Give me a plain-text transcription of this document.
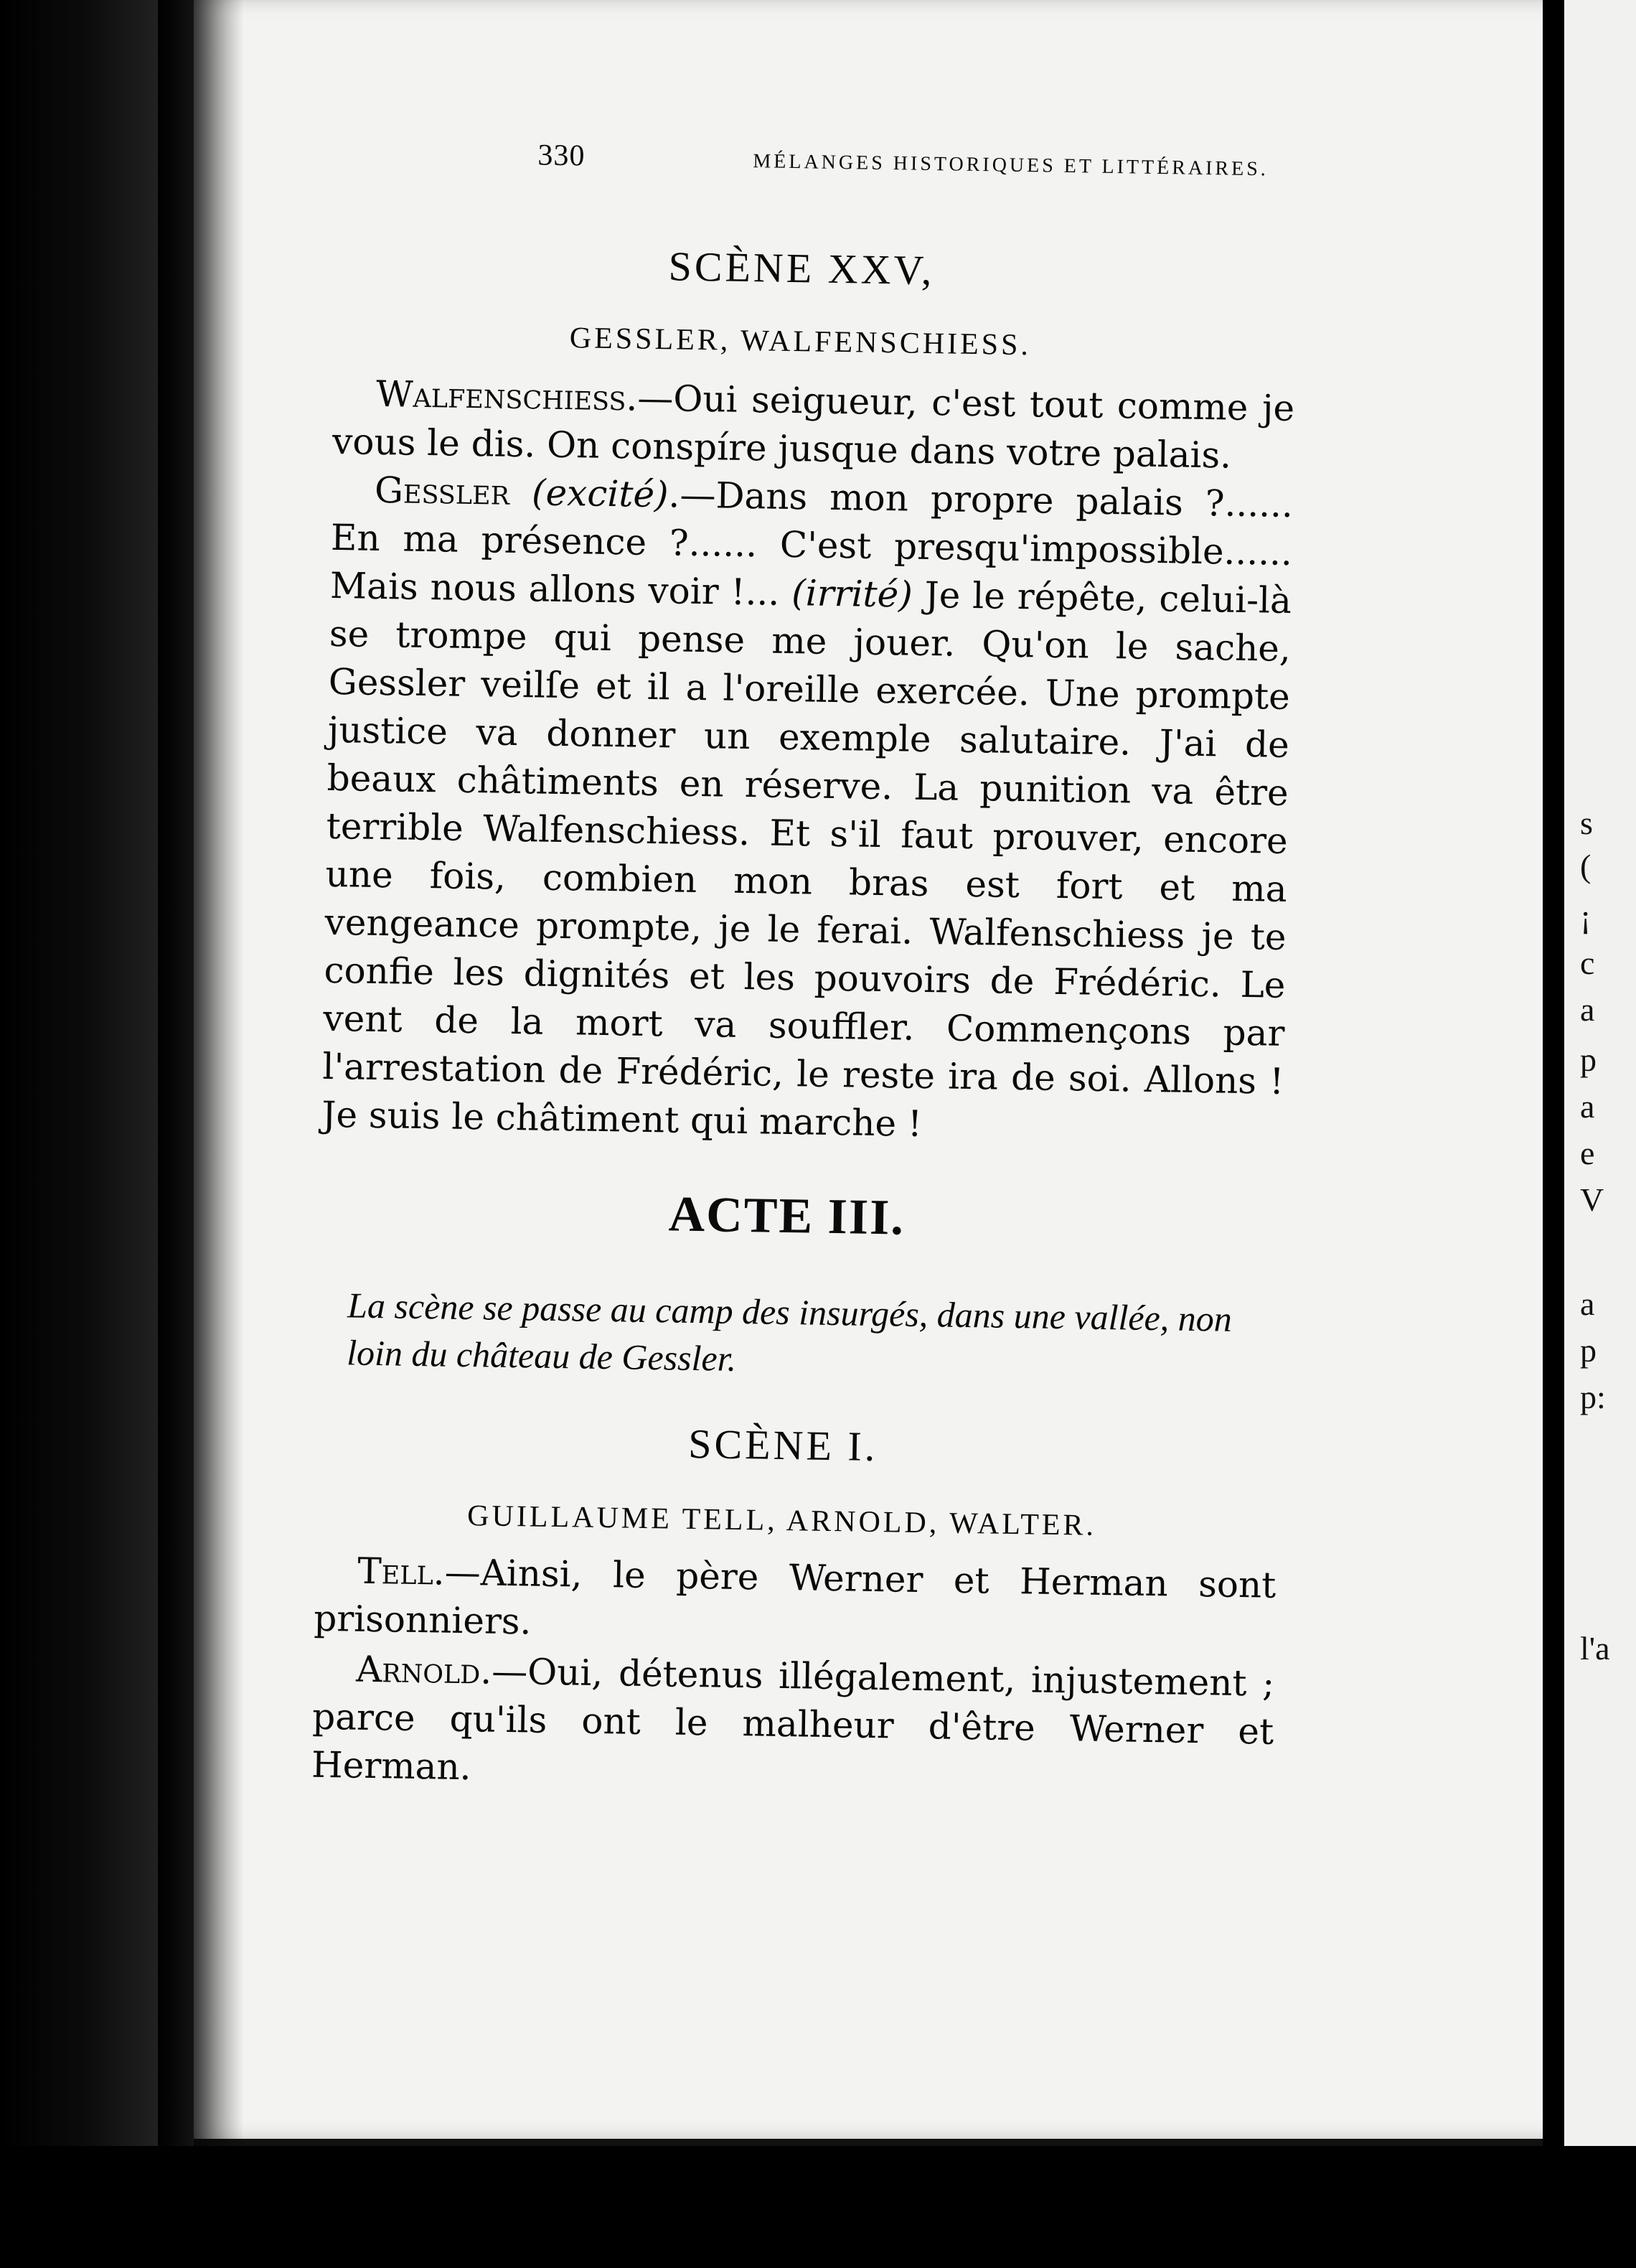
s
(
¡
c
a
p
a
e
V
a
p
p:
l'a
330	MÉLANGES HISTORIQUES ET LITTÉRAIRES.
SCÈNE XXV,
GESSLER, WALFENSCHIESS.
Walfenschiess.—Oui seigueur, c'est tout comme je vous le dis. On conspíre jusque dans votre palais.
Gessler (excité).—Dans mon propre palais ?...... En ma présence ?...... C'est presqu'impossible...... Mais nous allons voir !... (irrité) Je le répête, celui-là se trompe qui pense me jouer. Qu'on le sache, Gessler veilſe et il a l'oreille exercée. Une prompte justice va donner un exemple salutaire. J'ai de beaux châtiments en réserve. La punition va être terrible Walfenschiess. Et s'il faut prouver, encore une fois, combien mon bras est fort et ma vengeance prompte, je le ferai. Walfenschiess je te confie les dignités et les pouvoirs de Frédéric. Le vent de la mort va souffler. Commençons par l'arrestation de Frédéric, le reste ira de soi. Allons ! Je suis le châtiment qui marche !
ACTE III.
La scène se passe au camp des insurgés, dans une vallée, non loin du château de Gessler.
SCÈNE I.
GUILLAUME TELL, ARNOLD, WALTER.
Tell.—Ainsi, le père Werner et Herman sont prisonniers.
Arnold.—Oui, détenus illégalement, injustement ; parce qu'ils ont le malheur d'être Werner et Herman.
